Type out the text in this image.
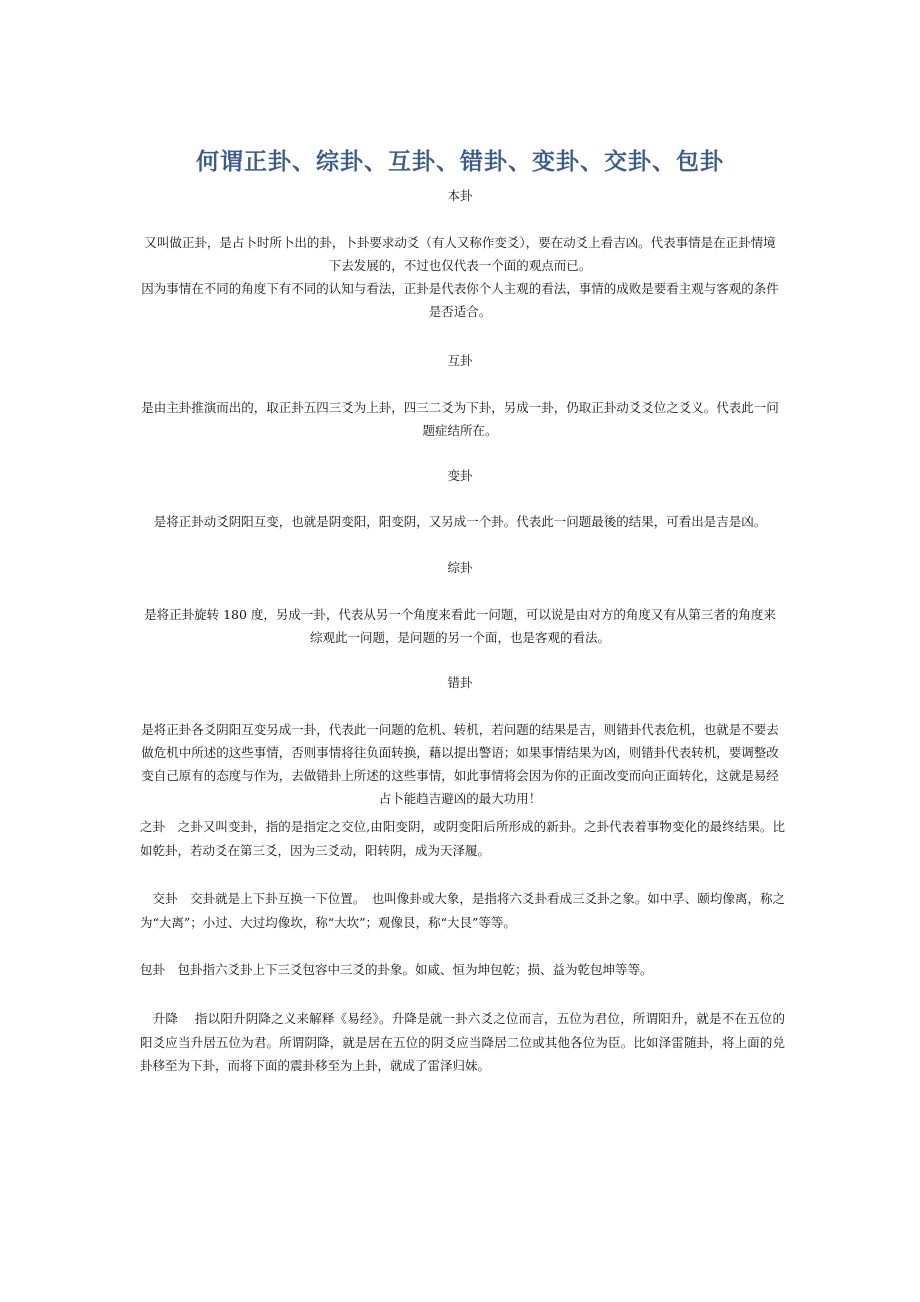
何谓正卦、综卦、互卦、错卦、变卦、交卦、包卦
本卦

又叫做正卦，是占卜时所卜出的卦，卜卦要求动爻（有人又称作变爻），要在动爻上看吉凶。代表事情是在正卦情境下去发展的，不过也仅代表一个面的观点而已。

因为事情在不同的角度下有不同的认知与看法，正卦是代表你个人主观的看法，事情的成败是要看主观与客观的条件是否适合。

互卦

是由主卦推演而出的，取正卦五四三爻为上卦，四三二爻为下卦，另成一卦，仍取正卦动爻爻位之爻义。代表此一问题症结所在。

变卦

是将正卦动爻阴阳互变，也就是阴变阳，阳变阴，又另成一个卦。代表此一问题最後的结果，可看出是吉是凶。

综卦

是将正卦旋转 180 度，另成一卦，代表从另一个角度来看此一问题，可以说是由对方的角度又有从第三者的角度来综观此一问题，是问题的另一个面，也是客观的看法。

错卦

是将正卦各爻阴阳互变另成一卦，代表此一问题的危机、转机，若问题的结果是吉，则错卦代表危机，也就是不要去做危机中所述的这些事情，否则事情将往负面转换，藉以提出警语；如果事情结果为凶，则错卦代表转机，要调整改变自己原有的态度与作为，去做错卦上所述的这些事情，如此事情将会因为你的正面改变而向正面转化，这就是易经占卜能趋吉避凶的最大功用！

之卦　之卦又叫变卦，指的是指定之交位,由阳变阴，或阴变阳后所形成的新卦。之卦代表着事物变化的最终结果。比如乾卦，若动爻在第三爻，因为三爻动，阳转阴，成为天泽履。

　交卦　交卦就是上下卦互换一下位置。　也叫像卦或大象，是指将六爻卦看成三爻卦之象。如中孚、颐均像离，称之为“大离”；小过、大过均像坎，称“大坎”；观像艮，称“大艮”等等。

包卦　包卦指六爻卦上下三爻包容中三爻的卦象。如咸、恒为坤包乾；损、益为乾包坤等等。

　升降　 指以阳升阴降之义来解释《易经》。升降是就一卦六爻之位而言，五位为君位，所谓阳升，就是不在五位的阳爻应当升居五位为君。所谓阴降，就是居在五位的阴爻应当降居二位或其他各位为臣。比如泽雷随卦，将上面的兑卦移至为下卦，而将下面的震卦移至为上卦，就成了雷泽归妹。
